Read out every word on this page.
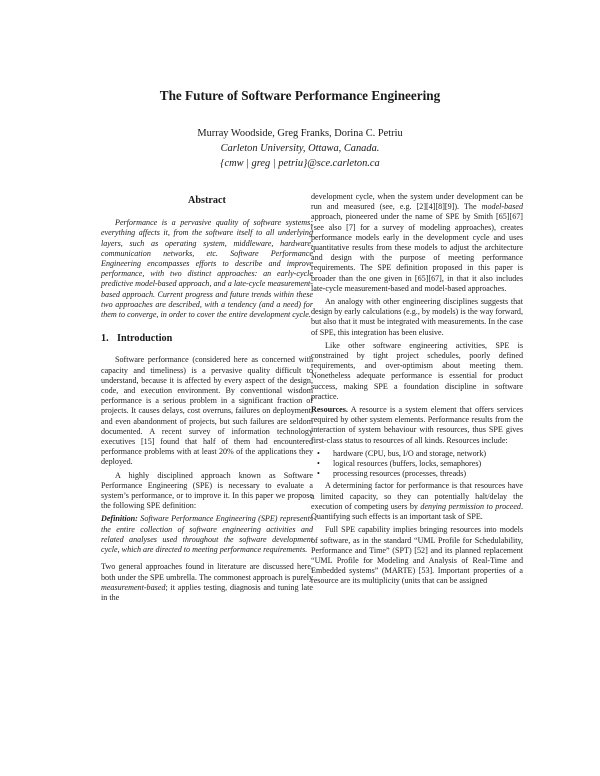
The Future of Software Performance Engineering
Murray Woodside, Greg Franks, Dorina C. Petriu
Carleton University, Ottawa, Canada.
{cmw | greg | petriu}@sce.carleton.ca
Abstract

Performance is a pervasive quality of software systems; everything affects it, from the software itself to all underlying layers, such as operating system, middleware, hardware, communication networks, etc. Software Performance Engineering encompasses efforts to describe and improve performance, with two distinct approaches: an early-cycle predictive model-based approach, and a late-cycle measurement-based approach. Current progress and future trends within these two approaches are described, with a tendency (and a need) for them to converge, in order to cover the entire development cycle.

1. Introduction

Software performance (considered here as concerned with capacity and timeliness) is a pervasive quality difficult to understand, because it is affected by every aspect of the design, code, and execution environment. By conventional wisdom performance is a serious problem in a significant fraction of projects. It causes delays, cost overruns, failures on deployment, and even abandonment of projects, but such failures are seldom documented. A recent survey of information technology executives [15] found that half of them had encountered performance problems with at least 20% of the applications they deployed.

A highly disciplined approach known as Software Performance Engineering (SPE) is necessary to evaluate a system’s performance, or to improve it. In this paper we propose the following SPE definition:

Definition: Software Performance Engineering (SPE) represents the entire collection of software engineering activities and related analyses used throughout the software development cycle, which are directed to meeting performance requirements.

Two general approaches found in literature are discussed here, both under the SPE umbrella. The commonest approach is purely measurement-based; it applies testing, diagnosis and tuning late in the

development cycle, when the system under development can be run and measured (see, e.g. [2][4][8][9]). The model-based approach, pioneered under the name of SPE by Smith [65][67] (see also [7] for a survey of modeling approaches), creates performance models early in the development cycle and uses quantitative results from these models to adjust the architecture and design with the purpose of meeting performance requirements. The SPE definition proposed in this paper is broader than the one given in [65][67], in that it also includes late-cycle measurement-based and model-based approaches.

An analogy with other engineering disciplines suggests that design by early calculations (e.g., by models) is the way forward, but also that it must be integrated with measurements. In the case of SPE, this integration has been elusive.

Like other software engineering activities, SPE is constrained by tight project schedules, poorly defined requirements, and over-optimism about meeting them. Nonetheless adequate performance is essential for product success, making SPE a foundation discipline in software practice.

Resources. A resource is a system element that offers services required by other system elements. Performance results from the interaction of system behaviour with resources, thus SPE gives first-class status to resources of all kinds. Resources include:

• hardware (CPU, bus, I/O and storage, network)
• logical resources (buffers, locks, semaphores)
• processing resources (processes, threads)

A determining factor for performance is that resources have a limited capacity, so they can potentially halt/delay the execution of competing users by denying permission to proceed. Quantifying such effects is an important task of SPE.

Full SPE capability implies bringing resources into models of software, as in the standard “UML Profile for Schedulability, Performance and Time” (SPT) [52] and its planned replacement “UML Profile for Modeling and Analysis of Real-Time and Embedded systems” (MARTE) [53]. Important properties of a resource are its multiplicity (units that can be assigned
